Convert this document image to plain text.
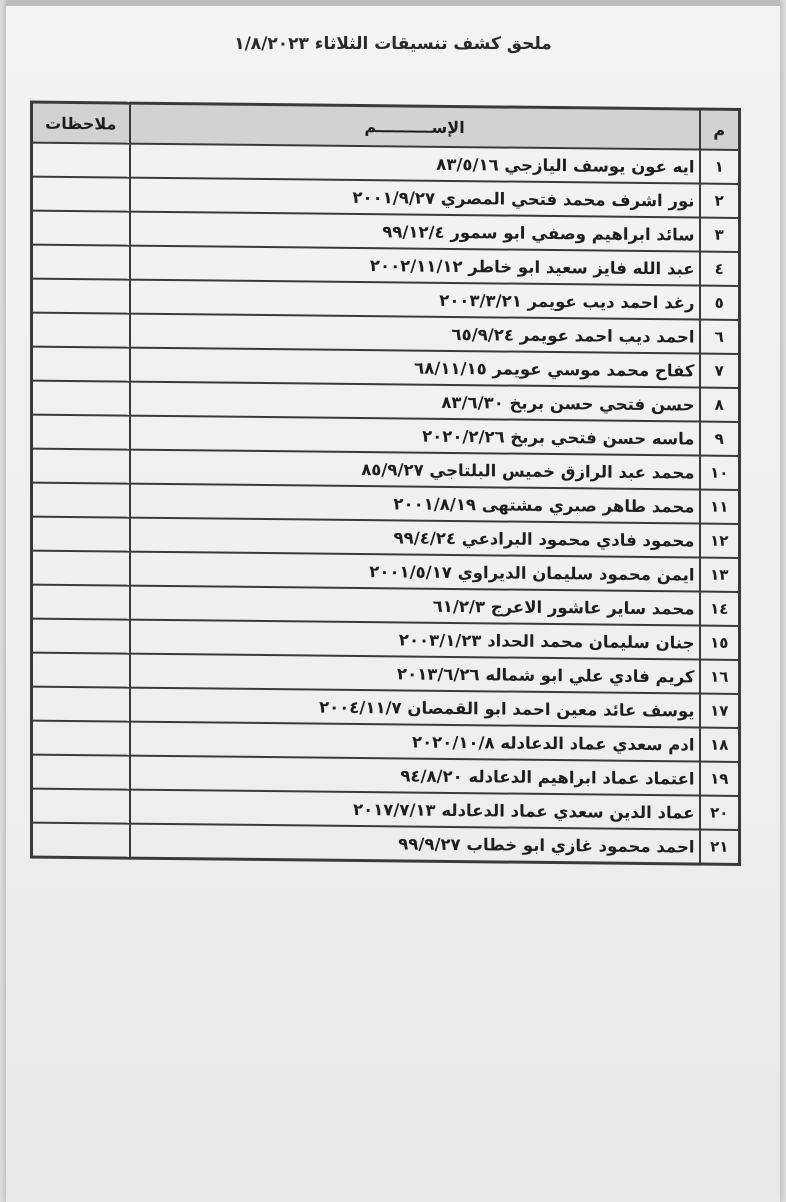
ملحق كشف تنسيقات الثلاثاء ١/٨/٢٠٢٣
م	الإســــــــــم	ملاحظات
١	ايه عون يوسف اليازجي ٨٣/٥/١٦	
٢	نور اشرف محمد فتحي المصري ٢٠٠١/٩/٢٧	
٣	سائد ابراهيم وصفي ابو سمور ٩٩/١٢/٤	
٤	عبد الله فايز سعيد ابو خاطر ٢٠٠٢/١١/١٢	
٥	رغد احمد ديب عويمر ٢٠٠٣/٣/٢١	
٦	احمد ديب احمد عويمر ٦٥/٩/٢٤	
٧	كفاح محمد موسي عويمر ٦٨/١١/١٥	
٨	حسن فتحي حسن بربخ ٨٣/٦/٣٠	
٩	ماسه حسن فتحي بربخ ٢٠٢٠/٢/٢٦	
١٠	محمد عبد الرازق خميس البلتاجي ٨٥/٩/٢٧	
١١	محمد طاهر صبري مشتهى ٢٠٠١/٨/١٩	
١٢	محمود فادي محمود البرادعي ٩٩/٤/٢٤	
١٣	ايمن محمود سليمان الديراوي ٢٠٠١/٥/١٧	
١٤	محمد ساير عاشور الاعرج ٦١/٢/٣	
١٥	جنان سليمان محمد الحداد ٢٠٠٣/١/٢٣	
١٦	كريم فادي علي ابو شماله ٢٠١٣/٦/٢٦	
١٧	يوسف عائد معين احمد ابو القمصان ٢٠٠٤/١١/٧	
١٨	ادم سعدي عماد الدعادله ٢٠٢٠/١٠/٨	
١٩	اعتماد عماد ابراهيم الدعادله ٩٤/٨/٢٠	
٢٠	عماد الدين سعدي عماد الدعادله ٢٠١٧/٧/١٣	
٢١	احمد محمود غازي ابو خطاب ٩٩/٩/٢٧	
